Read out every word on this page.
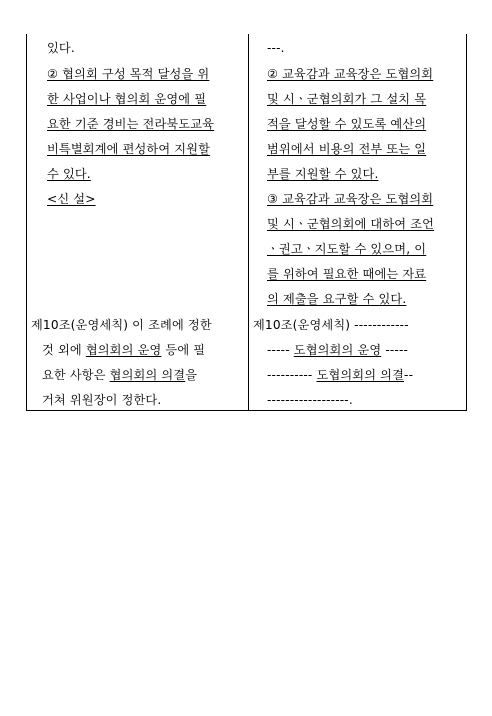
있다.
② 협의회 구성 목적 달성을 위
한 사업이나 협의회 운영에 필
요한 기준 경비는 전라북도교육
비특별회계에 편성하여 지원할
수 있다.
<신 설>
제10조(운영세칙) 이 조례에 정한
것 외에 협의회의 운영 등에 필
요한 사항은 협의회의 의결을
거쳐 위원장이 정한다.
---.
② 교육감과 교육장은 도협의회
및 시ㆍ군협의회가 그 설치 목
적을 달성할 수 있도록 예산의
범위에서 비용의 전부 또는 일
부를 지원할 수 있다.
③ 교육감과 교육장은 도협의회
및 시ㆍ군협의회에 대하여 조언
ㆍ권고ㆍ지도할 수 있으며, 이
를 위하여 필요한 때에는 자료
의 제출을 요구할 수 있다.
제10조(운영세칙) ------------
----- 도협의회의 운영 -----
---------- 도협의회의 의결--
------------------.
